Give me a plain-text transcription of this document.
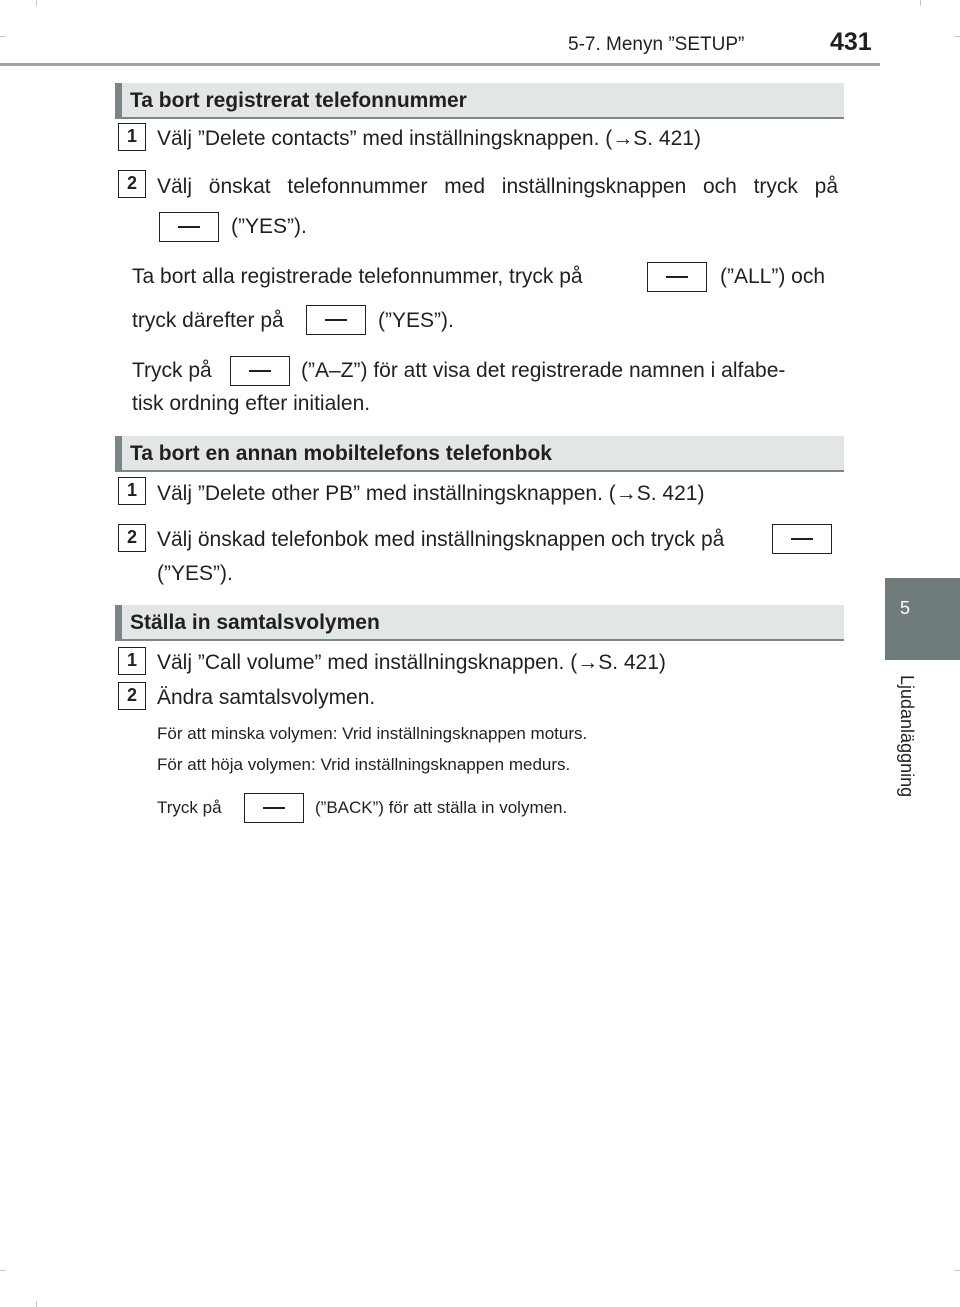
5-7. Menyn ”SETUP”	431
5
Ljudanläggning
Ta bort registrerat telefonnummer
1 Välj ”Delete contacts” med inställningsknappen. (→S. 421)
2 Välj önskat telefonnummer med inställningsknappen och tryck på
(”YES”).
Ta bort alla registrerade telefonnummer, tryck på	(”ALL”) och
tryck därefter på	(”YES”).
Tryck på	(”A–Z”) för att visa det registrerade namnen i alfabe-
tisk ordning efter initialen.
Ta bort en annan mobiltelefons telefonbok
1 Välj ”Delete other PB” med inställningsknappen. (→S. 421)
2 Välj önskad telefonbok med inställningsknappen och tryck på
(”YES”).
Ställa in samtalsvolymen
1 Välj ”Call volume” med inställningsknappen. (→S. 421)
2 Ändra samtalsvolymen.
För att minska volymen: Vrid inställningsknappen moturs.
För att höja volymen: Vrid inställningsknappen medurs.
Tryck på	(”BACK”) för att ställa in volymen.
